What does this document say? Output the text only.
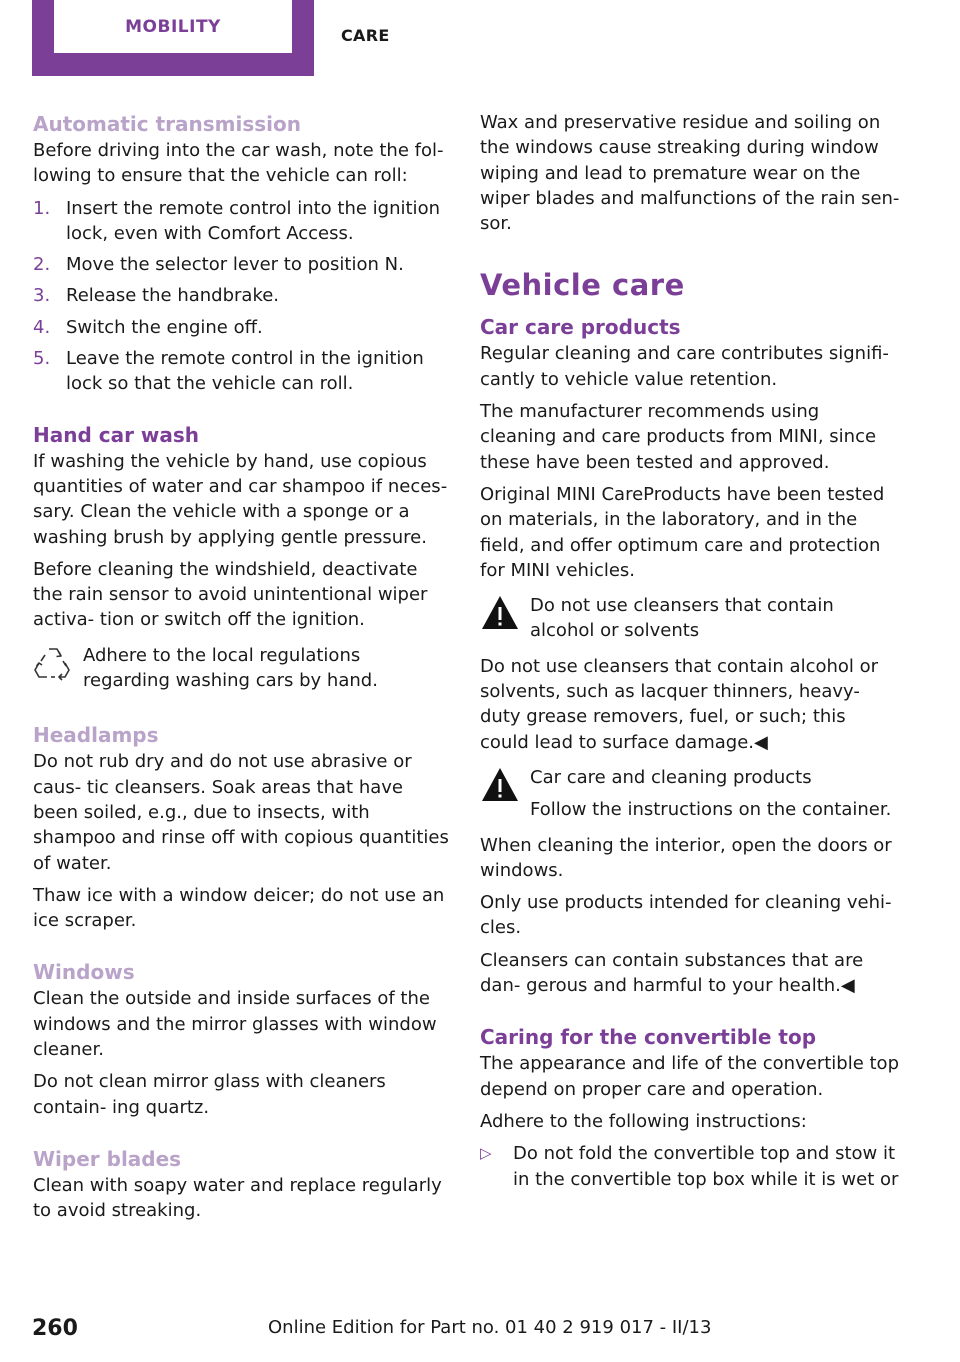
MOBILITY	CARE
Automatic transmission

Before driving into the car wash, note the fol‐ lowing to ensure that the vehicle can roll:

1. Insert the remote control into the ignition lock, even with Comfort Access.
2. Move the selector lever to position N.
3. Release the handbrake.
4. Switch the engine off.
5. Leave the remote control in the ignition lock so that the vehicle can roll.
Hand car wash

If washing the vehicle by hand, use copious quantities of water and car shampoo if neces‐ sary. Clean the vehicle with a sponge or a washing brush by applying gentle pressure.

Before cleaning the windshield, deactivate the rain sensor to avoid unintentional wiper activa‐ tion or switch off the ignition.

Adhere to the local regulations regarding washing cars by hand.
Headlamps

Do not rub dry and do not use abrasive or caus‐ tic cleansers. Soak areas that have been soiled, e.g., due to insects, with shampoo and rinse off with copious quantities of water.

Thaw ice with a window deicer; do not use an ice scraper.

Windows

Clean the outside and inside surfaces of the windows and the mirror glasses with window cleaner.

Do not clean mirror glass with cleaners contain‐ ing quartz.

Wiper blades

Clean with soapy water and replace regularly to avoid streaking.

Wax and preservative residue and soiling on the windows cause streaking during window wiping and lead to premature wear on the wiper blades and malfunctions of the rain sen‐ sor.

Vehicle care
Car care products

Regular cleaning and care contributes signifi‐ cantly to vehicle value retention.

The manufacturer recommends using cleaning and care products from MINI, since these have been tested and approved.

Original MINI CareProducts have been tested on materials, in the laboratory, and in the field, and offer optimum care and protection for MINI vehicles.

Do not use cleansers that contain alcohol or solvents

Do not use cleansers that contain alcohol or solvents, such as lacquer thinners, heavy-duty grease removers, fuel, or such; this could lead to surface damage.◀

Car care and cleaning products
Follow the instructions on the container.

When cleaning the interior, open the doors or windows.

Only use products intended for cleaning vehi‐ cles.

Cleansers can contain substances that are dan‐ gerous and harmful to your health.◀

Caring for the convertible top

The appearance and life of the convertible top depend on proper care and operation.

Adhere to the following instructions:

▷ Do not fold the convertible top and stow it in the convertible top box while it is wet or
260	Online Edition for Part no. 01 40 2 919 017 - II/13
